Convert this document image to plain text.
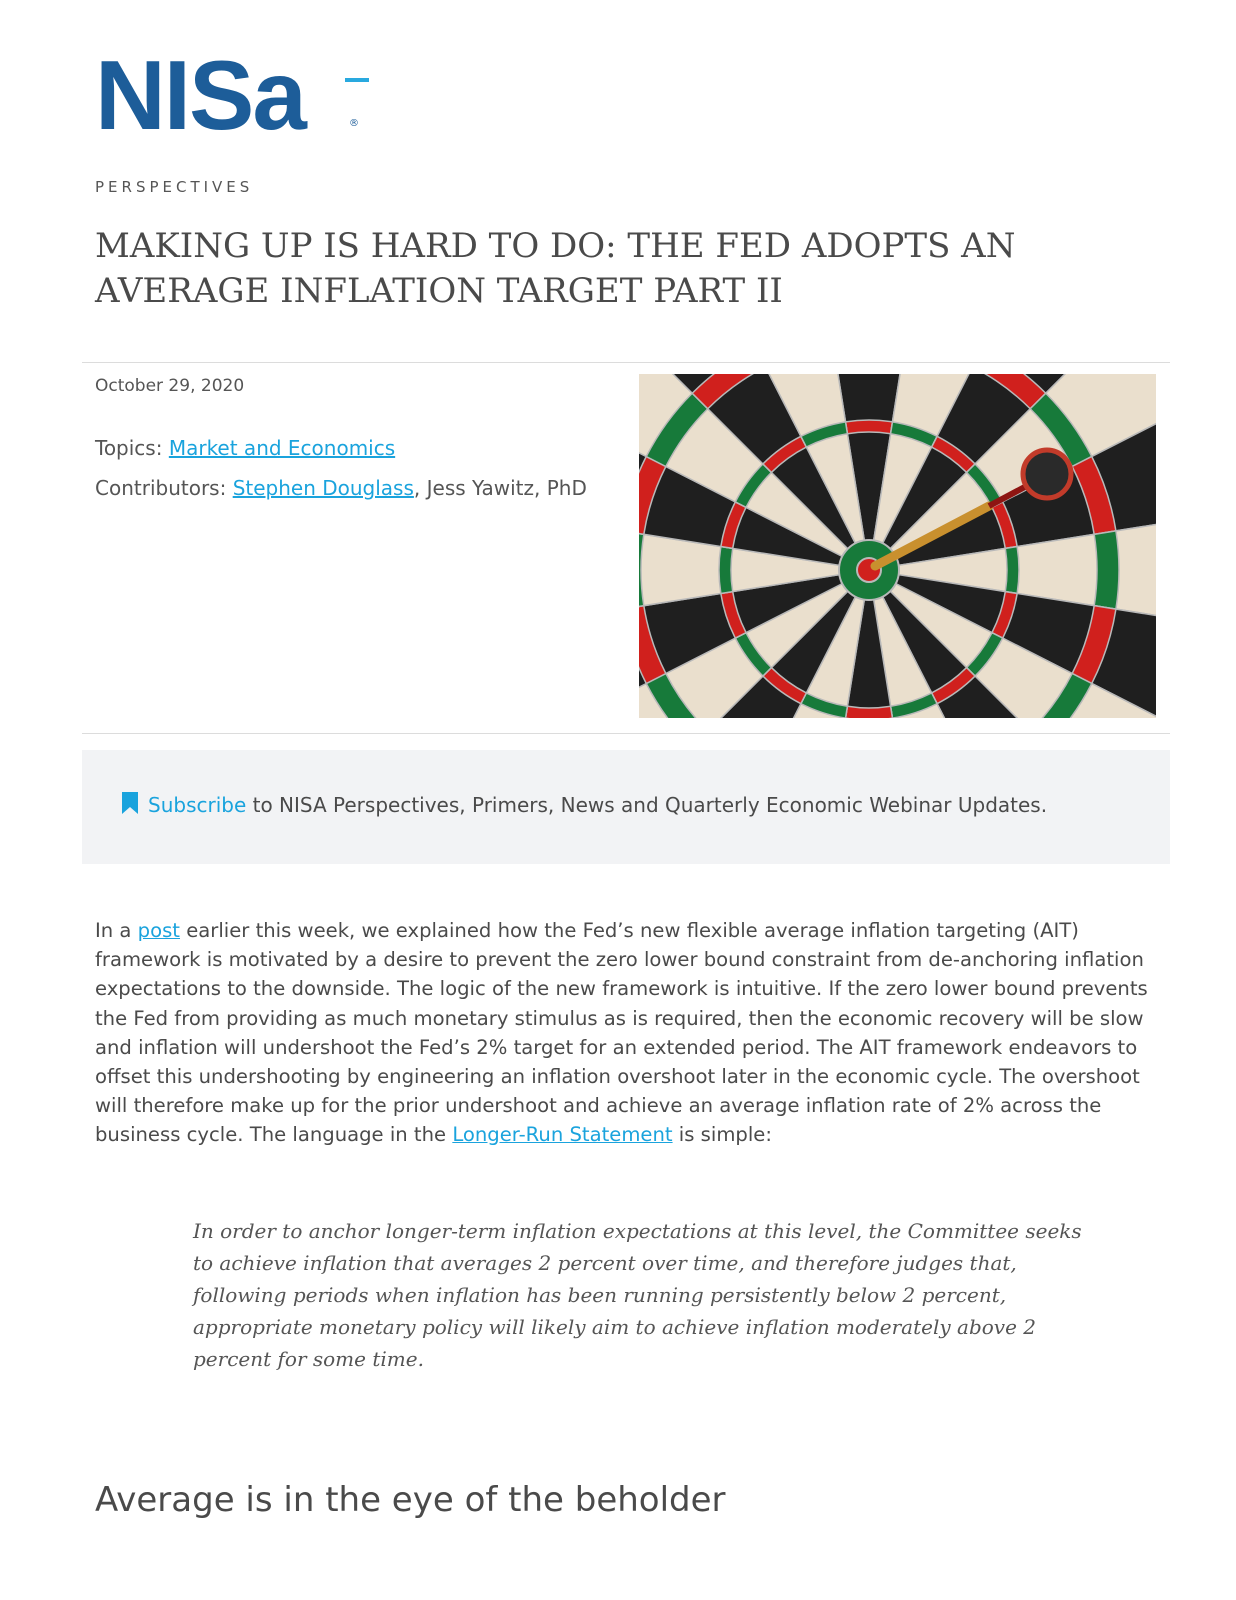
NISa	®
PERSPECTIVES
MAKING UP IS HARD TO DO: THE FED ADOPTS AN AVERAGE INFLATION TARGET PART II
October 29, 2020
Topics: Market and Economics
Contributors: Stephen Douglass, Jess Yawitz, PhD
Subscribe to NISA Perspectives, Primers, News and Quarterly Economic Webinar Updates.

In a post earlier this week, we explained how the Fed’s new flexible average inflation targeting (AIT) framework is motivated by a desire to prevent the zero lower bound constraint from de-anchoring inflation expectations to the downside. The logic of the new framework is intuitive. If the zero lower bound prevents the Fed from providing as much monetary stimulus as is required, then the economic recovery will be slow and inflation will undershoot the Fed’s 2% target for an extended period. The AIT framework endeavors to offset this undershooting by engineering an inflation overshoot later in the economic cycle. The overshoot will therefore make up for the prior undershoot and achieve an average inflation rate of 2% across the business cycle. The language in the Longer-Run Statement is simple:

In order to anchor longer-term inflation expectations at this level, the Committee seeks to achieve inflation that averages 2 percent over time, and therefore judges that, following periods when inflation has been running persistently below 2 percent, appropriate monetary policy will likely aim to achieve inflation moderately above 2 percent for some time.

Average is in the eye of the beholder
